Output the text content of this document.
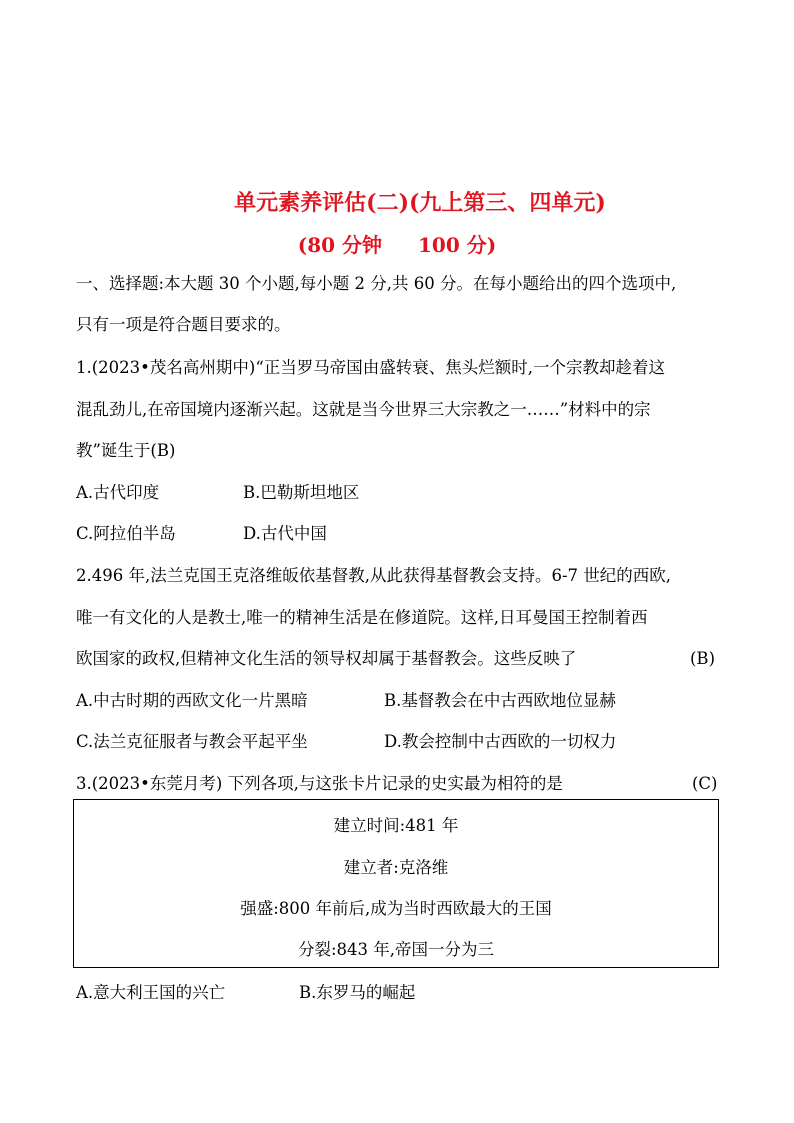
单元素养评估(二)(九上第三、四单元)
(80 分钟 100 分)
一、选择题:本大题 30 个小题,每小题 2 分,共 60 分。在每小题给出的四个选项中,
只有一项是符合题目要求的。
1.(2023•茂名高州期中)“正当罗马帝国由盛转衰、焦头烂额时,一个宗教却趁着这
混乱劲儿,在帝国境内逐渐兴起。这就是当今世界三大宗教之一……”材料中的宗
教”诞生于(B)
A.古代印度	B.巴勒斯坦地区
C.阿拉伯半岛	D.古代中国
2.496 年,法兰克国王克洛维皈依基督教,从此获得基督教会支持。6-7 世纪的西欧,
唯一有文化的人是教士,唯一的精神生活是在修道院。这样,日耳曼国王控制着西
欧国家的政权,但精神文化生活的领导权却属于基督教会。这些反映了	(B)
A.中古时期的西欧文化一片黑暗	B.基督教会在中古西欧地位显赫
C.法兰克征服者与教会平起平坐	D.教会控制中古西欧的一切权力
3.(2023•东莞月考) 下列各项,与这张卡片记录的史实最为相符的是	(C)
建立时间:481 年
建立者:克洛维
强盛:800 年前后,成为当时西欧最大的王国
分裂:843 年,帝国一分为三
A.意大利王国的兴亡	B.东罗马的崛起
